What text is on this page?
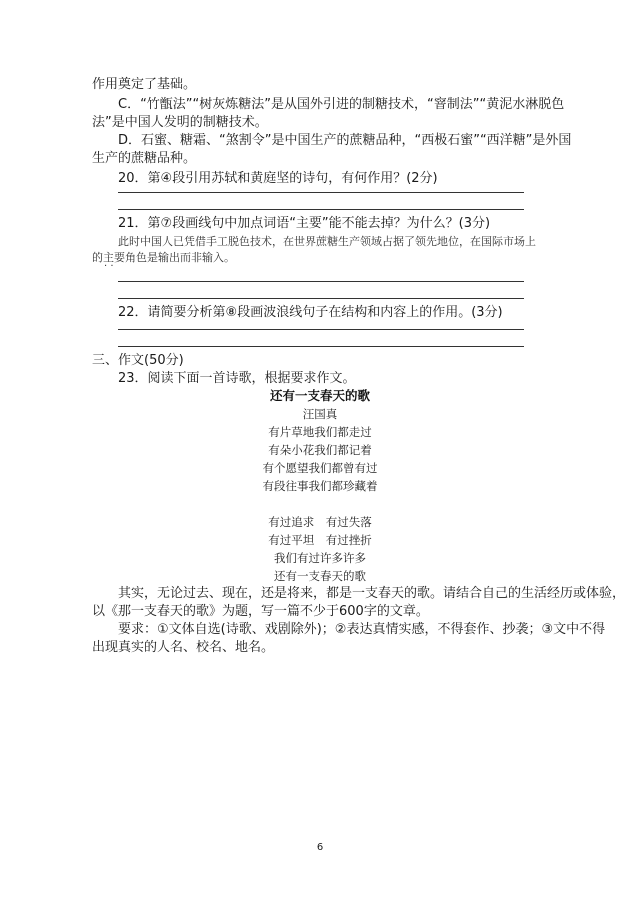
作用奠定了基础。
C．“竹甑法”“树灰炼糖法”是从国外引进的制糖技术，“窨制法”“黄泥水淋脱色
法”是中国人发明的制糖技术。
D．石蜜、糖霜、“煞割令”是中国生产的蔗糖品种，“西极石蜜”“西洋糖”是外国
生产的蔗糖品种。
20．第④段引用苏轼和黄庭坚的诗句，有何作用？(2分)
21．第⑦段画线句中加点词语“主要”能不能去掉？为什么？(3分)
此时中国人已凭借手工脱色技术，在世界蔗糖生产领域占据了领先地位，在国际市场上
的主要角色是输出而非输入。
· ·
22．请简要分析第⑧段画波浪线句子在结构和内容上的作用。(3分)
三、作文(50分)
23．阅读下面一首诗歌，根据要求作文。
还有一支春天的歌
汪国真
有片草地我们都走过
有朵小花我们都记着
有个愿望我们都曾有过
有段往事我们都珍藏着
有过追求　有过失落
有过平坦　有过挫折
我们有过许多许多
还有一支春天的歌
其实，无论过去、现在，还是将来，都是一支春天的歌。请结合自己的生活经历或体验，
以《那一支春天的歌》为题，写一篇不少于600字的文章。
要求：①文体自选(诗歌、戏剧除外)；②表达真情实感，不得套作、抄袭；③文中不得
出现真实的人名、校名、地名。
6
